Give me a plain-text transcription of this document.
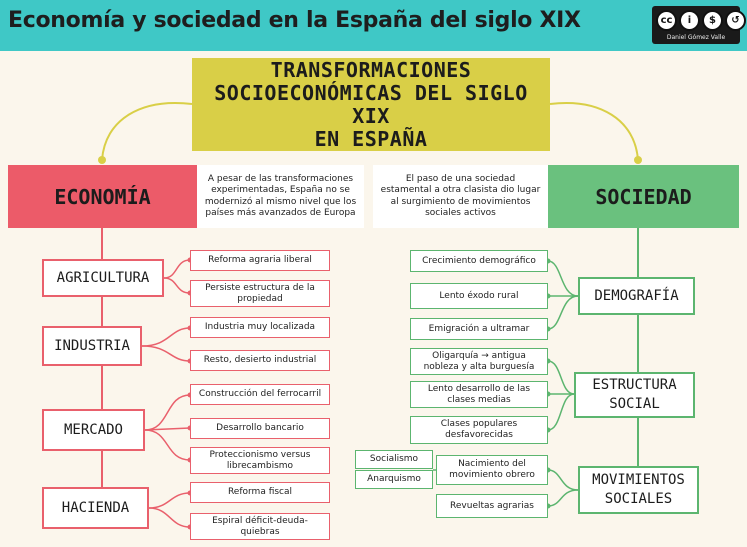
Economía y sociedad en la España del siglo XIX	cc	i	$	↺
Daniel Gómez Valle
TRANSFORMACIONES
SOCIOECONÓMICAS DEL SIGLO XIX
EN ESPAÑA
ECONOMÍA
A pesar de las transformaciones experimentadas, España no se modernizó al mismo nivel que los países más avanzados de Europa
AGRICULTURA
INDUSTRIA
MERCADO
HACIENDA
Reforma agraria liberal
Persiste estructura de la propiedad
Industria muy localizada
Resto, desierto industrial
Construcción del ferrocarril
Desarrollo bancario
Proteccionismo versus librecambismo
Reforma fiscal
Espiral déficit-deuda-quiebras
SOCIEDAD
El paso de una sociedad estamental a otra clasista dio lugar al surgimiento de movimientos sociales activos
DEMOGRAFÍA
ESTRUCTURA
SOCIAL
MOVIMIENTOS
SOCIALES
Crecimiento demográfico
Lento éxodo rural
Emigración a ultramar
Oligarquía → antigua nobleza y alta burguesía
Lento desarrollo de las clases medias
Clases populares desfavorecidas
Nacimiento del movimiento obrero
Revueltas agrarias
Socialismo
Anarquismo
